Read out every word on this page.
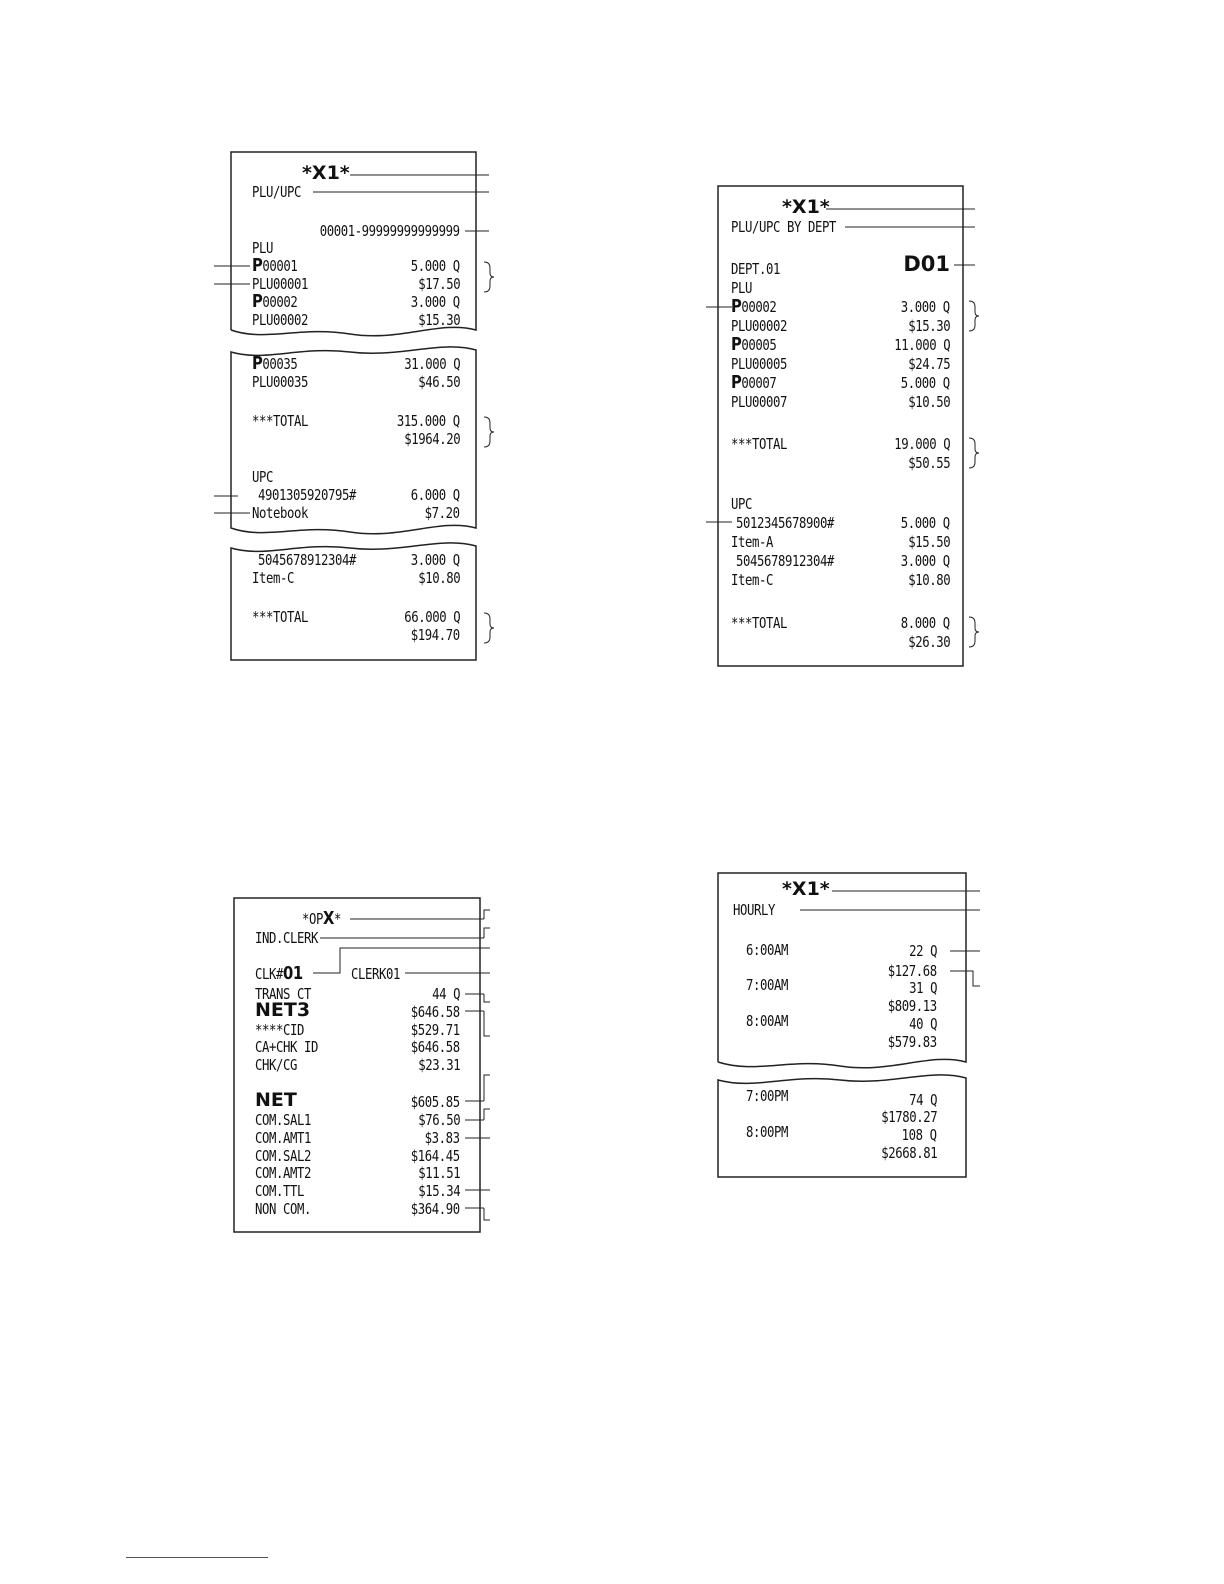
*X1*
PLU/UPC
00001-99999999999999
PLU
P00001	5.000 Q
PLU00001	$17.50
P00002	3.000 Q
PLU00002	$15.30
P00035	31.000 Q
PLU00035	$46.50
***TOTAL	315.000 Q
$1964.20
UPC
4901305920795#	6.000 Q
Notebook	$7.20
5045678912304#	3.000 Q
Item-C	$10.80
***TOTAL	66.000 Q
$194.70
*X1*
PLU/UPC BY DEPT
DEPT.01	D01
PLU
P00002	3.000 Q
PLU00002	$15.30
P00005	11.000 Q
PLU00005	$24.75
P00007	5.000 Q
PLU00007	$10.50
***TOTAL	19.000 Q
$50.55
UPC
5012345678900#	5.000 Q
Item-A	$15.50
5045678912304#	3.000 Q
Item-C	$10.80
***TOTAL	8.000 Q
$26.30
*OPX*
IND.CLERK
CLK#01	CLERK01
TRANS CT	44 Q
NET3	$646.58
****CID	$529.71
CA+CHK ID	$646.58
CHK/CG	$23.31
NET	$605.85
COM.SAL1	$76.50
COM.AMT1	$3.83
COM.SAL2	$164.45
COM.AMT2	$11.51
COM.TTL	$15.34
NON COM.	$364.90
*X1*
HOURLY
6:00AM	22 Q
$127.68
7:00AM	31 Q
$809.13
8:00AM	40 Q
$579.83
7:00PM	74 Q
$1780.27
8:00PM	108 Q
$2668.81
